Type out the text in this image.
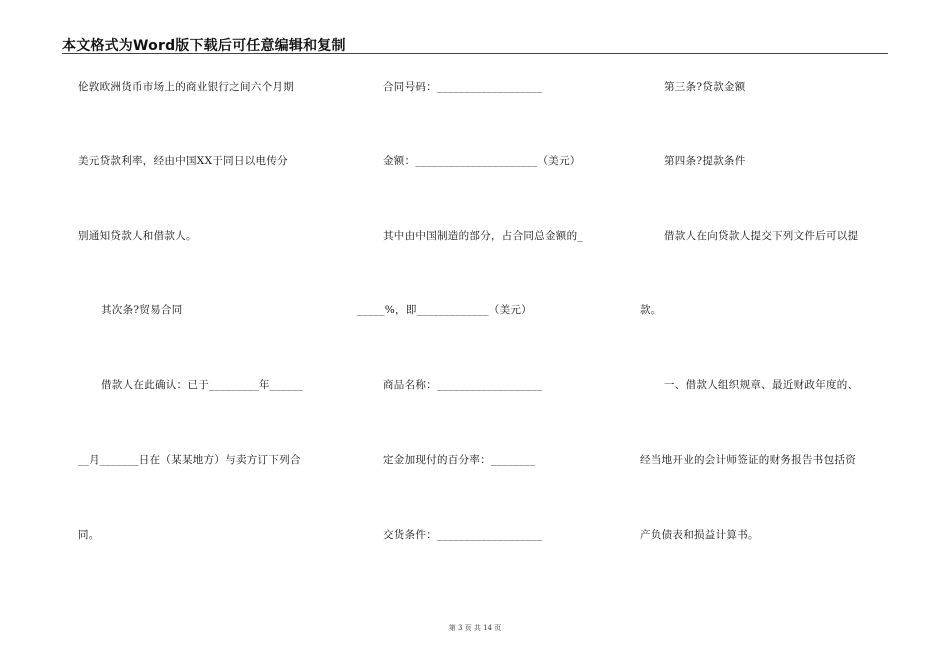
本文格式为Word版下载后可任意编辑和复制
伦敦欧洲货币市场上的商业银行之间六个月期
美元贷款利率，经由中国XX于同日以电传分
别通知贷款人和借款人。
其次条?贸易合同
借款人在此确认：已于_________年______
__月_______日在（某某地方）与卖方订下列合
同。
合同号码：___________________
金额：______________________（美元）
其中由中国制造的部分，占合同总金额的_
_____%，即_____________（美元）
商品名称：___________________
定金加现付的百分率：________
交货条件：___________________
第三条?贷款金额
第四条?提款条件
借款人在向贷款人提交下列文件后可以提
款。
一、借款人组织规章、最近财政年度的、
经当地开业的会计师签证的财务报告书包括资
产负债表和损益计算书。
第 3 页 共 14 页
